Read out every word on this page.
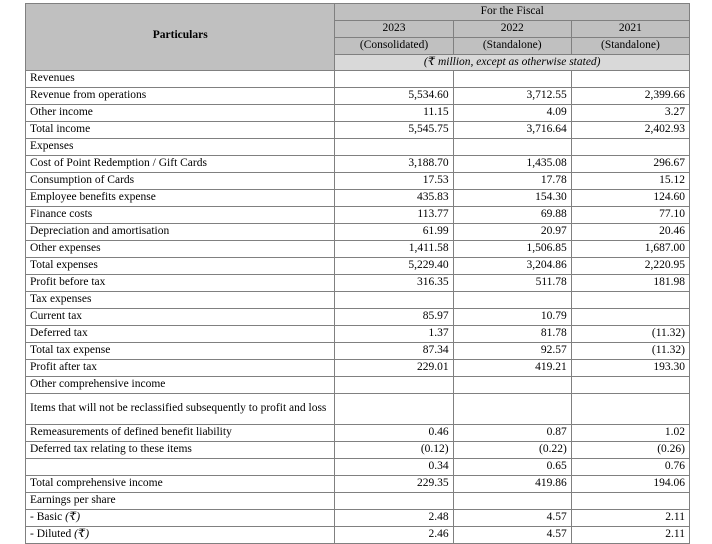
Particulars	For the Fiscal		
	2023	2022	2021
	(Consolidated)	(Standalone)	(Standalone)
	(₹ million, except as otherwise stated)		
Revenues			
Revenue from operations	5,534.60	3,712.55	2,399.66
Other income	11.15	4.09	3.27
Total income	5,545.75	3,716.64	2,402.93
Expenses			
Cost of Point Redemption / Gift Cards	3,188.70	1,435.08	296.67
Consumption of Cards	17.53	17.78	15.12
Employee benefits expense	435.83	154.30	124.60
Finance costs	113.77	69.88	77.10
Depreciation and amortisation	61.99	20.97	20.46
Other expenses	1,411.58	1,506.85	1,687.00
Total expenses	5,229.40	3,204.86	2,220.95
Profit before tax	316.35	511.78	181.98
Tax expenses			
Current tax	85.97	10.79	
Deferred tax	1.37	81.78	(11.32)
Total tax expense	87.34	92.57	(11.32)
Profit after tax	229.01	419.21	193.30
Other comprehensive income			
Items that will not be reclassified subsequently to profit and loss			
Remeasurements of defined benefit liability	0.46	0.87	1.02
Deferred tax relating to these items	(0.12)	(0.22)	(0.26)
	0.34	0.65	0.76
Total comprehensive income	229.35	419.86	194.06
Earnings per share			
- Basic (₹)	2.48	4.57	2.11
- Diluted (₹)	2.46	4.57	2.11
